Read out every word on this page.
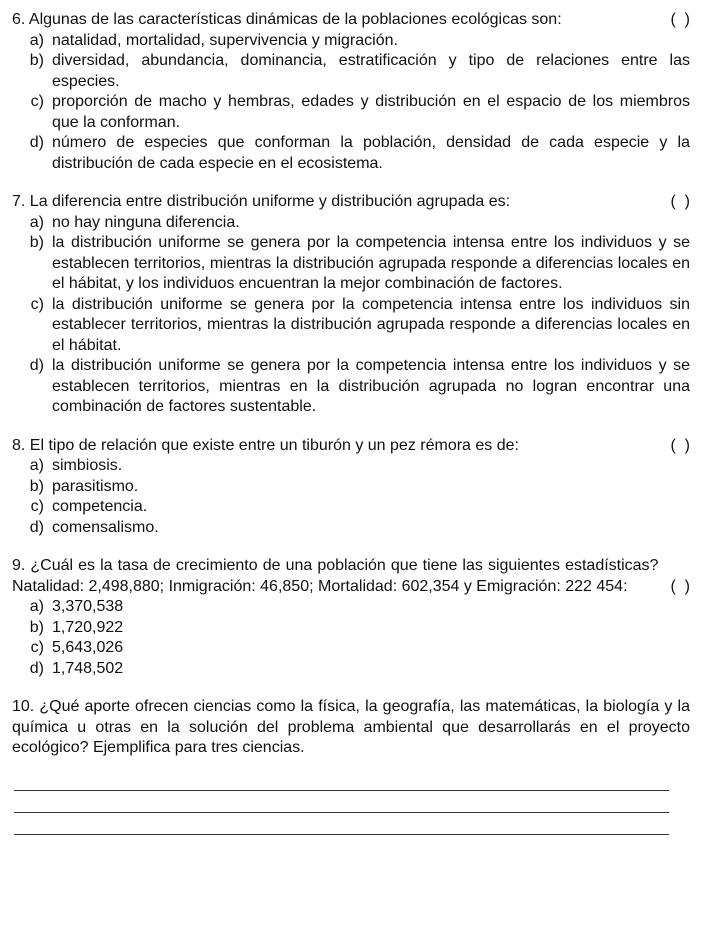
6. Algunas de las características dinámicas de la poblaciones ecológicas son:	(  )
a) natalidad, mortalidad, supervivencia y migración.
b) diversidad, abundancia, dominancia, estratificación y tipo de relaciones entre las especies.
c) proporción de macho y hembras, edades y distribución en el espacio de los miembros que la conforman.
d) número de especies que conforman la población, densidad de cada especie y la distribución de cada especie en el ecosistema.
7. La diferencia entre distribución uniforme y distribución agrupada es:	(  )
a) no hay ninguna diferencia.
b) la distribución uniforme se genera por la competencia intensa entre los individuos y se establecen territorios, mientras la distribución agrupada responde a diferencias locales en el hábitat, y los individuos encuentran la mejor combinación de factores.
c) la distribución uniforme se genera por la competencia intensa entre los individuos sin establecer territorios, mientras la distribución agrupada responde a diferencias locales en el hábitat.
d) la distribución uniforme se genera por la competencia intensa entre los individuos y se establecen territorios, mientras en la distribución agrupada no logran encontrar una combinación de factores sustentable.
8. El tipo de relación que existe entre un tiburón y un pez rémora es de:	(  )
a) simbiosis.
b) parasitismo.
c) competencia.
d) comensalismo.
9. ¿Cuál es la tasa de crecimiento de una población que tiene las siguientes estadísticas? Natalidad: 2,498,880; Inmigración: 46,850; Mortalidad: 602,354 y Emigración: 222 454:	(  )
a) 3,370,538
b) 1,720,922
c) 5,643,026
d) 1,748,502
10. ¿Qué aporte ofrecen ciencias como la física, la geografía, las matemáticas, la biología y la química u otras en la solución del problema ambiental que desarrollarás en el proyecto ecológico? Ejemplifica para tres ciencias.
